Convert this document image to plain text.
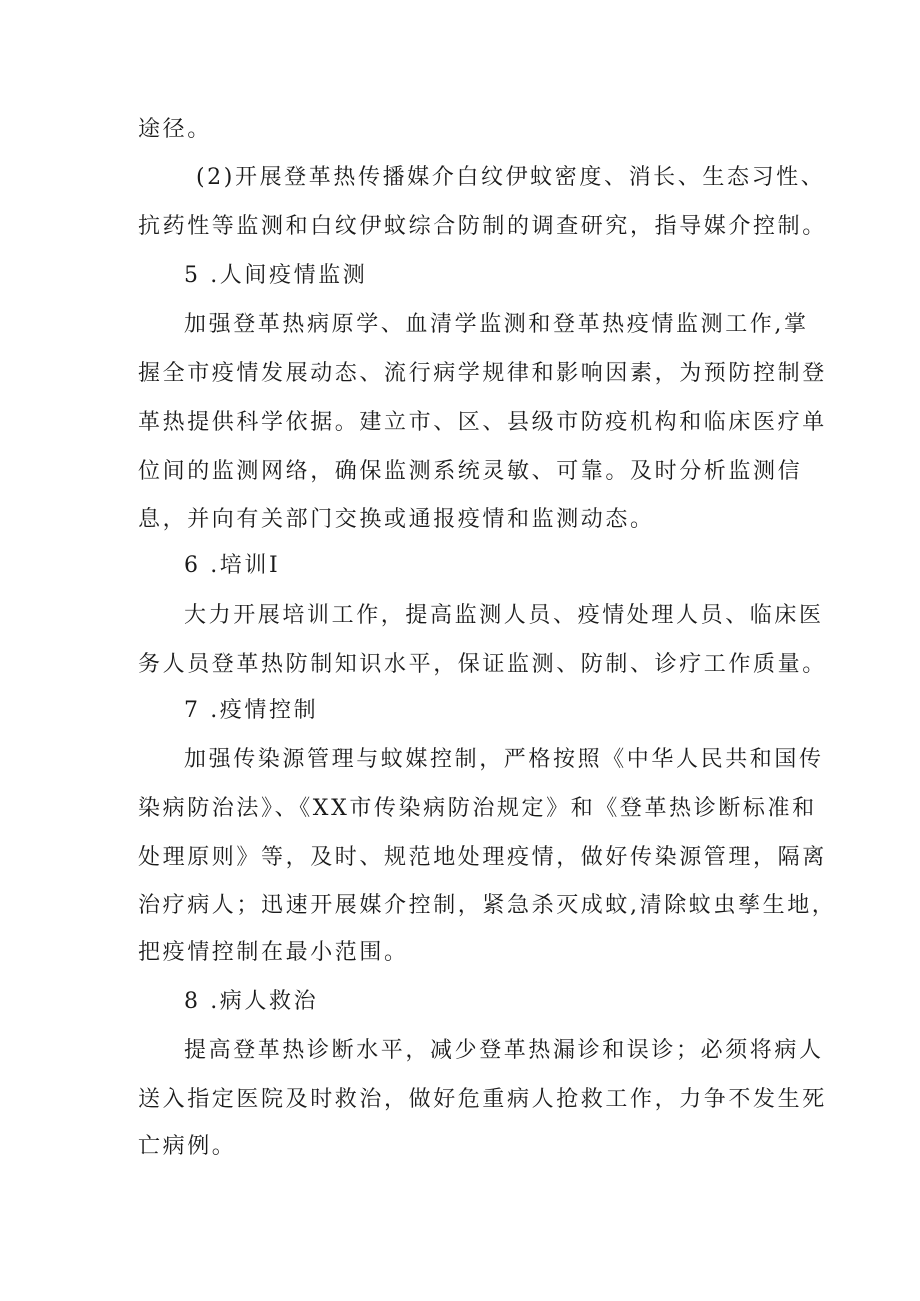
途径。
(2)开展登革热传播媒介白纹伊蚊密度、消长、生态习性、
抗药性等监测和白纹伊蚊综合防制的调查研究，指导媒介控制。
5 .人间疫情监测
加强登革热病原学、血清学监测和登革热疫情监测工作,掌
握全市疫情发展动态、流行病学规律和影响因素，为预防控制登
革热提供科学依据。建立市、区、县级市防疫机构和临床医疗单
位间的监测网络，确保监测系统灵敏、可靠。及时分析监测信
息，并向有关部门交换或通报疫情和监测动态。
6 .培训I
大力开展培训工作，提高监测人员、疫情处理人员、临床医
务人员登革热防制知识水平，保证监测、防制、诊疗工作质量。
7 .疫情控制
加强传染源管理与蚊媒控制，严格按照《中华人民共和国传
染病防治法》、《XX市传染病防治规定》和《登革热诊断标准和
处理原则》等，及时、规范地处理疫情，做好传染源管理，隔离
治疗病人；迅速开展媒介控制，紧急杀灭成蚊,清除蚊虫孳生地，
把疫情控制在最小范围。
8 .病人救治
提高登革热诊断水平，减少登革热漏诊和误诊；必须将病人
送入指定医院及时救治，做好危重病人抢救工作，力争不发生死
亡病例。
